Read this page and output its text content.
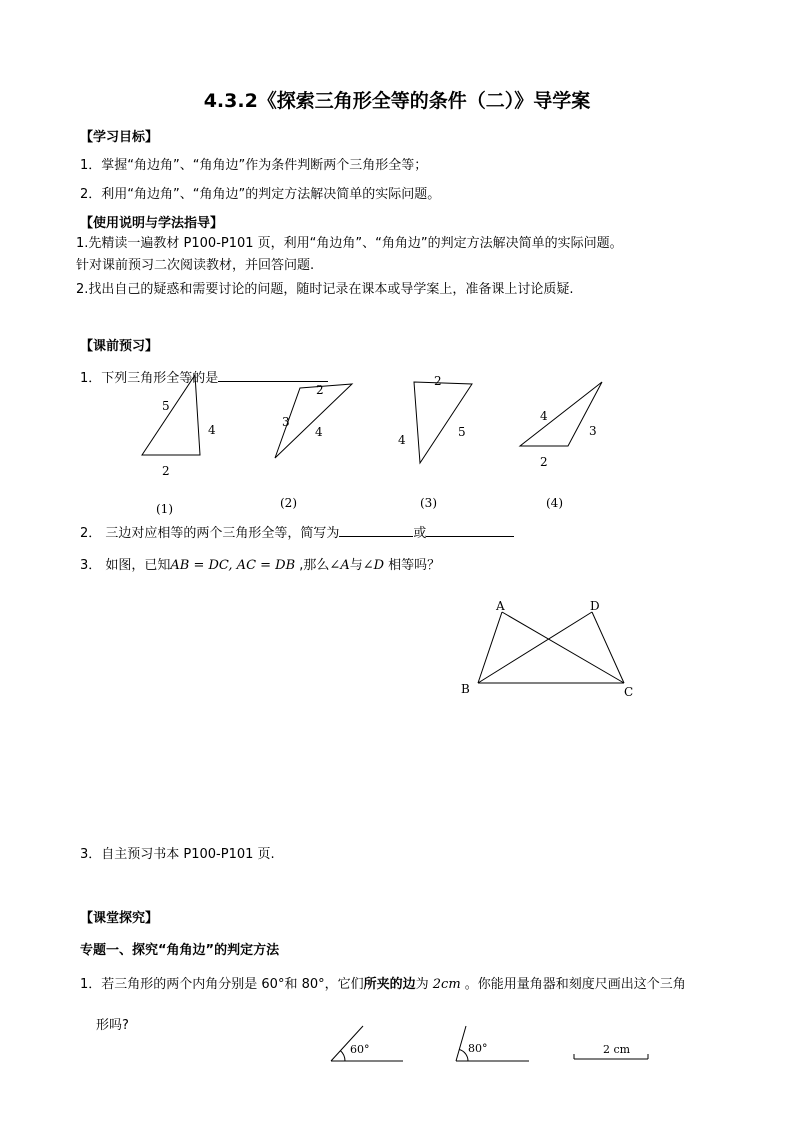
4.3.2《探索三角形全等的条件（二）》导学案
【学习目标】
1．掌握“角边角”、“角角边”作为条件判断两个三角形全等；
2．利用“角边角”、“角角边”的判定方法解决简单的实际问题。
【使用说明与学法指导】
1.先精读一遍教材 P100-P101 页，利用“角边角”、“角角边”的判定方法解决简单的实际问题。
针对课前预习二次阅读教材，并回答问题.
2.找出自己的疑惑和需要讨论的问题，随时记录在课本或导学案上，准备课上讨论质疑.
【课前预习】
1．下列三角形全等的是
5
4
2
(1)
2
3
4
(2)
2
4
5
(3)
4
3
2
(4)
2． 三边对应相等的两个三角形全等，简写为	或
3． 如图，已知AB = DC, AC = DB ,那么∠A与∠D 相等吗？
A	D
B	C
3．自主预习书本 P100-P101 页.
【课堂探究】
专题一、探究“角角边”的判定方法
1．若三角形的两个内角分别是 60°和 80°，它们所夹的边为 2cm 。你能用量角器和刻度尺画出这个三角
形吗?
60°	80°	2 cm
